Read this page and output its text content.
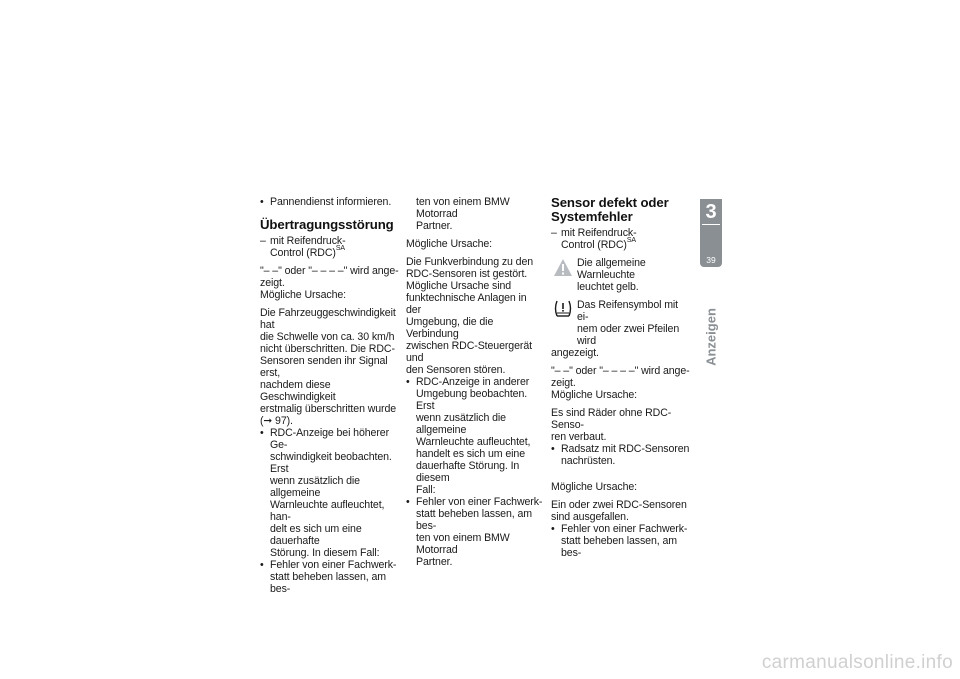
• Pannendienst informieren.
Übertragungsstörung
– mit Reifendruck-
Control (RDC)$^{SA}$
"– –" oder "– – – –" wird ange-
zeigt.
Mögliche Ursache:
Die Fahrzeuggeschwindigkeit hat
die Schwelle von ca. 30 km/h
nicht überschritten. Die RDC-
Sensoren senden ihr Signal erst,
nachdem diese Geschwindigkeit
erstmalig überschritten wurde
(➞ 97).
• RDC-Anzeige bei höherer Ge-
schwindigkeit beobachten. Erst
wenn zusätzlich die allgemeine
Warnleuchte aufleuchtet, han-
delt es sich um eine dauerhafte
Störung. In diesem Fall:
• Fehler von einer Fachwerk-
statt beheben lassen, am bes-
ten von einem BMW Motorrad
Partner.
Mögliche Ursache:
Die Funkverbindung zu den
RDC-Sensoren ist gestört.
Mögliche Ursache sind
funktechnische Anlagen in der
Umgebung, die die Verbindung
zwischen RDC-Steuergerät und
den Sensoren stören.
• RDC-Anzeige in anderer
Umgebung beobachten. Erst
wenn zusätzlich die allgemeine
Warnleuchte aufleuchtet,
handelt es sich um eine
dauerhafte Störung. In diesem
Fall:
• Fehler von einer Fachwerk-
statt beheben lassen, am bes-
ten von einem BMW Motorrad
Partner.
Sensor defekt oder
Systemfehler
– mit Reifendruck-
Control (RDC)$^{SA}$
Die allgemeine Warnleuchte
leuchtet gelb.
Das Reifensymbol mit ei-
nem oder zwei Pfeilen wird
angezeigt.
"– –" oder "– – – –" wird ange-
zeigt.
Mögliche Ursache:
Es sind Räder ohne RDC-Senso-
ren verbaut.
• Radsatz mit RDC-Sensoren
nachrüsten.
Mögliche Ursache:
Ein oder zwei RDC-Sensoren
sind ausgefallen.
• Fehler von einer Fachwerk-
statt beheben lassen, am bes-
3
39
Anzeigen
carmanualsonline.info
